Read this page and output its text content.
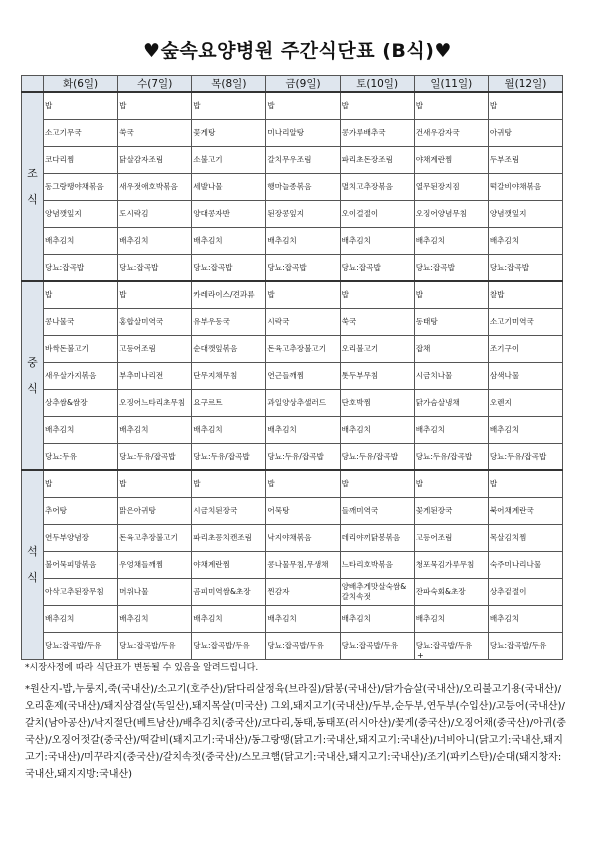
♥숲속요양병원 주간식단표 (B식)♥
	화(6일)	수(7일)	목(8일)	금(9일)	토(10일)	일(11일)	월(12일)

조
식	밥	밥	밥	밥	밥	밥	밥
	소고기무국	쑥국	꽃게탕	미나리알탕	콩가루배추국	건새우감자국	아귀탕
	코다리찜	닭살감자조림	소불고기	갈치무우조림	파리초돈장조림	야채계란찜	두부조림
	동그랑땡야채볶음	새우젓애호박볶음	세발나물	행마늘종볶음	멸치고추장볶음	열무된장지짐	떡갈비야채볶음
	양념깻잎지	도시락김	양대콩자반	된장콩잎지	오이걸절이	오징어양념무침	양념깻잎지
	배추김치	배추김치	배추김치	배추김치	배추김치	배추김치	배추김치
	당뇨:잡곡밥	당뇨:잡곡밥	당뇨:잡곡밥	당뇨:잡곡밥	당뇨:잡곡밥	당뇨:잡곡밥	당뇨:잡곡밥

중
식	밥	밥	카레라이스/견과류	밥	밥	밥	찰밥
	콩나물국	홍합살미역국	유부우동국	시락국	쑥국	동태탕	소고기미역국
	바싹돈불고기	고등어조림	순대깻잎볶음	돈육고추장불고기	오리불고기	잡채	조기구이
	새우살가지볶음	부추미나리전	단무지채무침	연근들깨찜	톳두부무침	시금치나물	삼색나물
	상추쌈&쌈장	오징어느타리초무침	요구르트	과일양상추샐러드	단호박찜	닭가슴살냉채	오렌지
	배추김치	배추김치	배추김치	배추김치	배추김치	배추김치	배추김치
	당뇨:두유	당뇨:두유/잡곡밥	당뇨:두유/잡곡밥	당뇨:두유/잡곡밥	당뇨:두유/잡곡밥	당뇨:두유/잡곡밥	당뇨:두유/잡곡밥

석
식	밥	밥	밥	밥	밥	밥	밥
	추어탕	맑은아귀탕	시금치된장국	어묵탕	들깨미역국	꽃게된장국	북어채계란국
	연두부양념장	돈육고추장불고기	파리초꽁치캔조림	낙지야채볶음	데리야끼닭봉볶음	고등어조림	목살김치찜
	불어묵피망볶음	우엉채들깨찜	야채계란찜	콩나물무침,무생채	느타리호박볶음	청포묵김가루무침	숙주미나리나물
	아삭고추된장무침	머위나물	곰피미역쌈&초장	찐감자	양배추게맛살숙쌈&갈치속젓	잔파숙회&초장	상추겉절이
	배추김치	배추김치	배추김치	배추김치	배추김치	배추김치	배추김치
	당뇨:잡곡밥/두유	당뇨:잡곡밥/두유	당뇨:잡곡밥/두유	당뇨:잡곡밥/두유	당뇨:잡곡밥/두유	당뇨:잡곡밥/두유	당뇨:잡곡밥/두유
+
*시장사정에 따라 식단표가 변동될 수 있음을 알려드립니다.
*원산지-밥,누룽지,죽(국내산)/소고기(호주산)/닭다리살정육(브라질)/닭봉(국내산)/닭가슴살(국내산)/오리불고기용(국내산)/오리훈제(국내산)/돼지삼겹살(독일산),돼지목살(미국산) 그외,돼지고기(국내산)/두부,순두부,연두부(수입산)/고등어(국내산)/갈치(남아공산)/낙지절단(베트남산)/배추김치(중국산)/코다리,동태,동태포(러시아산)/꽃게(중국산)/오징어채(중국산)/아귀(중국산)/오징어젓갈(중국산)/떡갈비(돼지고기:국내산)/동그랑땡(닭고기:국내산,돼지고기:국내산)/너비아니(닭고기:국내산,돼지고기:국내산)/미꾸라지(중국산)/갈치속젓(중국산)/스모크햄(닭고기:국내산,돼지고기:국내산)/조기(파키스탄)/순대(돼지창자:국내산,돼지지방:국내산)
